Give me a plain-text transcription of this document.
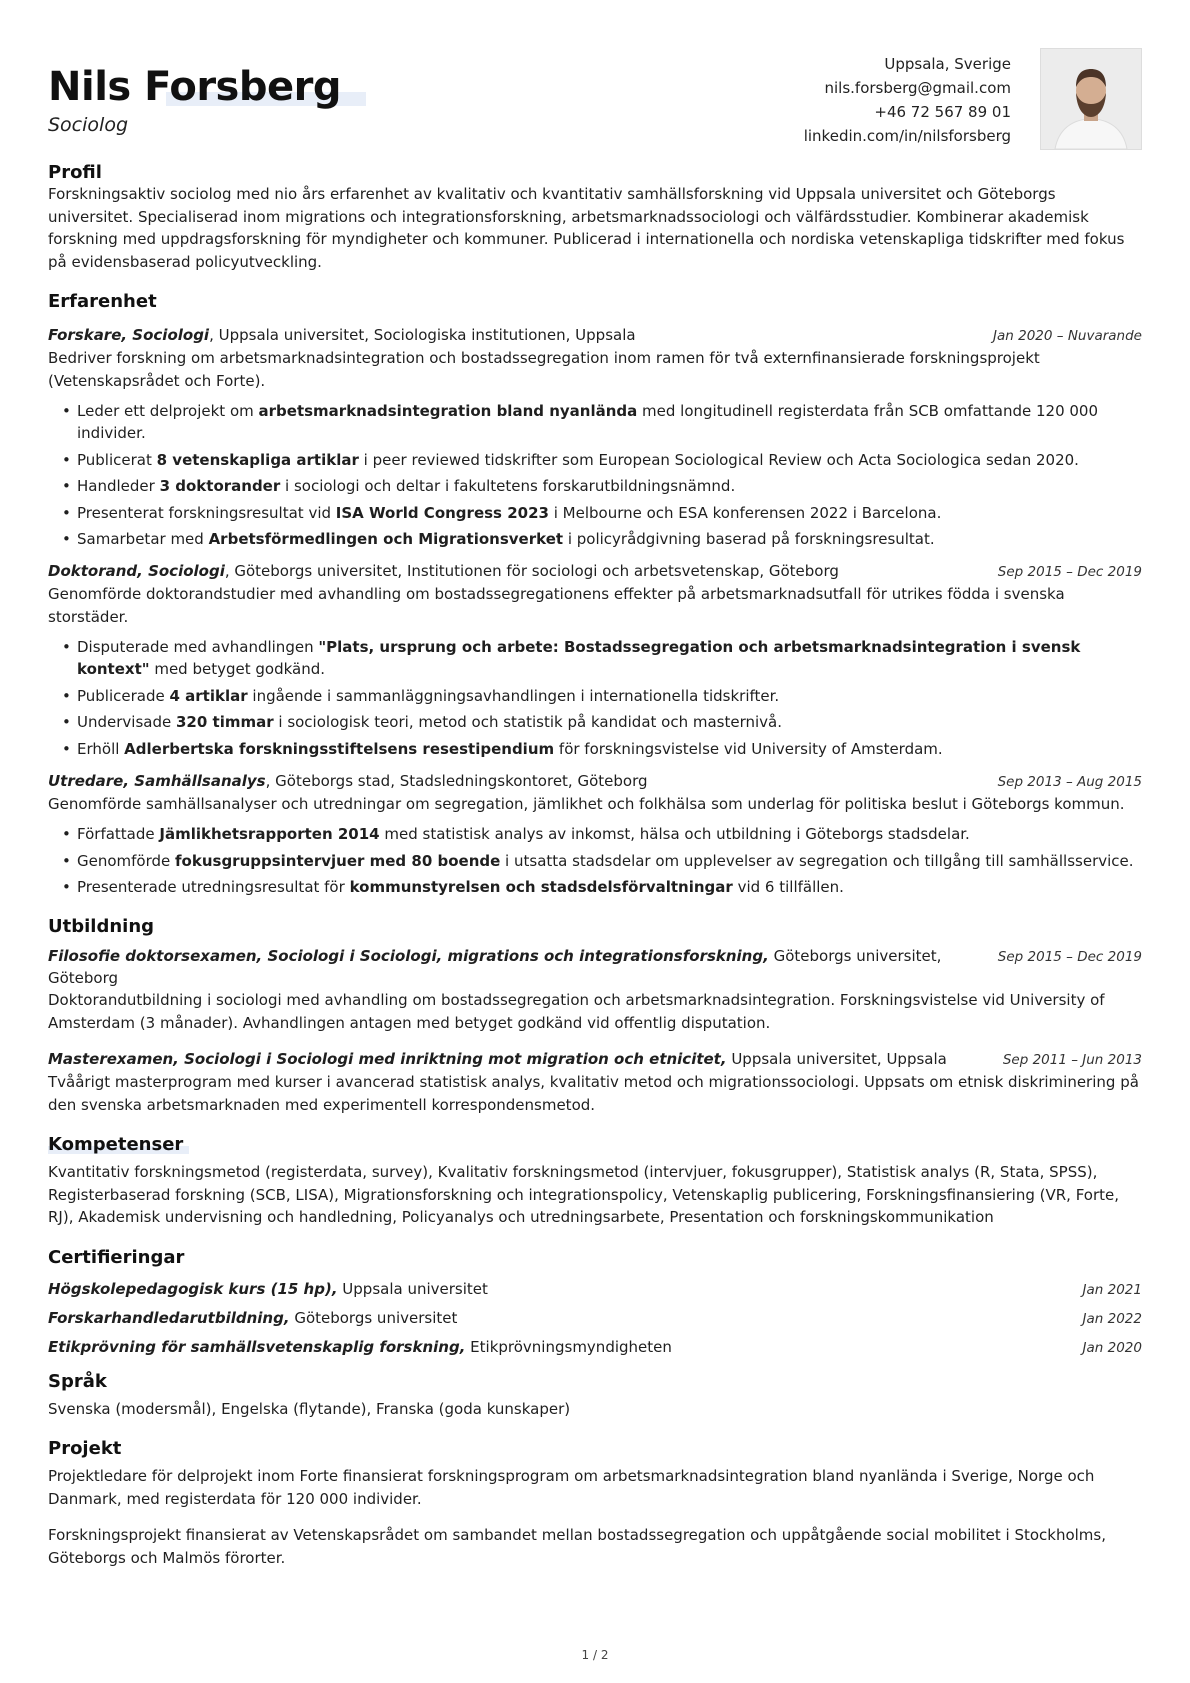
Nils Forsberg
Sociolog
Uppsala, Sverige
nils.forsberg@gmail.com
+46 72 567 89 01
linkedin.com/in/nilsforsberg
Profil

Forskningsaktiv sociolog med nio års erfarenhet av kvalitativ och kvantitativ samhällsforskning vid Uppsala universitet och Göteborgs universitet. Specialiserad inom migrations och integrationsforskning, arbetsmarknadssociologi och välfärdsstudier. Kombinerar akademisk forskning med uppdragsforskning för myndigheter och kommuner. Publicerad i internationella och nordiska vetenskapliga tidskrifter med fokus på evidensbaserad policyutveckling.

Erfarenhet
Forskare, Sociologi, Uppsala universitet, Sociologiska institutionen, Uppsala	Jan 2020 – Nuvarande

Bedriver forskning om arbetsmarknadsintegration och bostadssegregation inom ramen för två externfinansierade forskningsprojekt (Vetenskapsrådet och Forte).

• Leder ett delprojekt om arbetsmarknadsintegration bland nyanlända med longitudinell registerdata från SCB omfattande 120 000 individer.
• Publicerat 8 vetenskapliga artiklar i peer reviewed tidskrifter som European Sociological Review och Acta Sociologica sedan 2020.
• Handleder 3 doktorander i sociologi och deltar i fakultetens forskarutbildningsnämnd.
• Presenterat forskningsresultat vid ISA World Congress 2023 i Melbourne och ESA konferensen 2022 i Barcelona.
• Samarbetar med Arbetsförmedlingen och Migrationsverket i policyrådgivning baserad på forskningsresultat.
Doktorand, Sociologi, Göteborgs universitet, Institutionen för sociologi och arbetsvetenskap, Göteborg	Sep 2015 – Dec 2019

Genomförde doktorandstudier med avhandling om bostadssegregationens effekter på arbetsmarknadsutfall för utrikes födda i svenska storstäder.

• Disputerade med avhandlingen "Plats, ursprung och arbete: Bostadssegregation och arbetsmarknadsintegration i svensk kontext" med betyget godkänd.
• Publicerade 4 artiklar ingående i sammanläggningsavhandlingen i internationella tidskrifter.
• Undervisade 320 timmar i sociologisk teori, metod och statistik på kandidat och masternivå.
• Erhöll Adlerbertska forskningsstiftelsens resestipendium för forskningsvistelse vid University of Amsterdam.
Utredare, Samhällsanalys, Göteborgs stad, Stadsledningskontoret, Göteborg	Sep 2013 – Aug 2015

Genomförde samhällsanalyser och utredningar om segregation, jämlikhet och folkhälsa som underlag för politiska beslut i Göteborgs kommun.

• Författade Jämlikhetsrapporten 2014 med statistisk analys av inkomst, hälsa och utbildning i Göteborgs stadsdelar.
• Genomförde fokusgruppsintervjuer med 80 boende i utsatta stadsdelar om upplevelser av segregation och tillgång till samhällsservice.
• Presenterade utredningsresultat för kommunstyrelsen och stadsdelsförvaltningar vid 6 tillfällen.
Utbildning
Filosofie doktorsexamen, Sociologi i Sociologi, migrations och integrationsforskning, Göteborgs universitet, Göteborg
Sep 2015 – Dec 2019

Doktorandutbildning i sociologi med avhandling om bostadssegregation och arbetsmarknadsintegration. Forskningsvistelse vid University of Amsterdam (3 månader). Avhandlingen antagen med betyget godkänd vid offentlig disputation.

Masterexamen, Sociologi i Sociologi med inriktning mot migration och etnicitet, Uppsala universitet, Uppsala	Sep 2011 – Jun 2013

Tvåårigt masterprogram med kurser i avancerad statistisk analys, kvalitativ metod och migrationssociologi. Uppsats om etnisk diskriminering på den svenska arbetsmarknaden med experimentell korrespondensmetod.

Kompetenser

Kvantitativ forskningsmetod (registerdata, survey), Kvalitativ forskningsmetod (intervjuer, fokusgrupper), Statistisk analys (R, Stata, SPSS), Registerbaserad forskning (SCB, LISA), Migrationsforskning och integrationspolicy, Vetenskaplig publicering, Forskningsfinansiering (VR, Forte, RJ), Akademisk undervisning och handledning, Policyanalys och utredningsarbete, Presentation och forskningskommunikation

Certifieringar
Högskolepedagogisk kurs (15 hp), Uppsala universitet	Jan 2021
Forskarhandledarutbildning, Göteborgs universitet	Jan 2022
Etikprövning för samhällsvetenskaplig forskning, Etikprövningsmyndigheten	Jan 2020
Språk

Svenska (modersmål), Engelska (flytande), Franska (goda kunskaper)

Projekt

Projektledare för delprojekt inom Forte finansierat forskningsprogram om arbetsmarknadsintegration bland nyanlända i Sverige, Norge och Danmark, med registerdata för 120 000 individer.

Forskningsprojekt finansierat av Vetenskapsrådet om sambandet mellan bostadssegregation och uppåtgående social mobilitet i Stockholms, Göteborgs och Malmös förorter.

1 / 2
